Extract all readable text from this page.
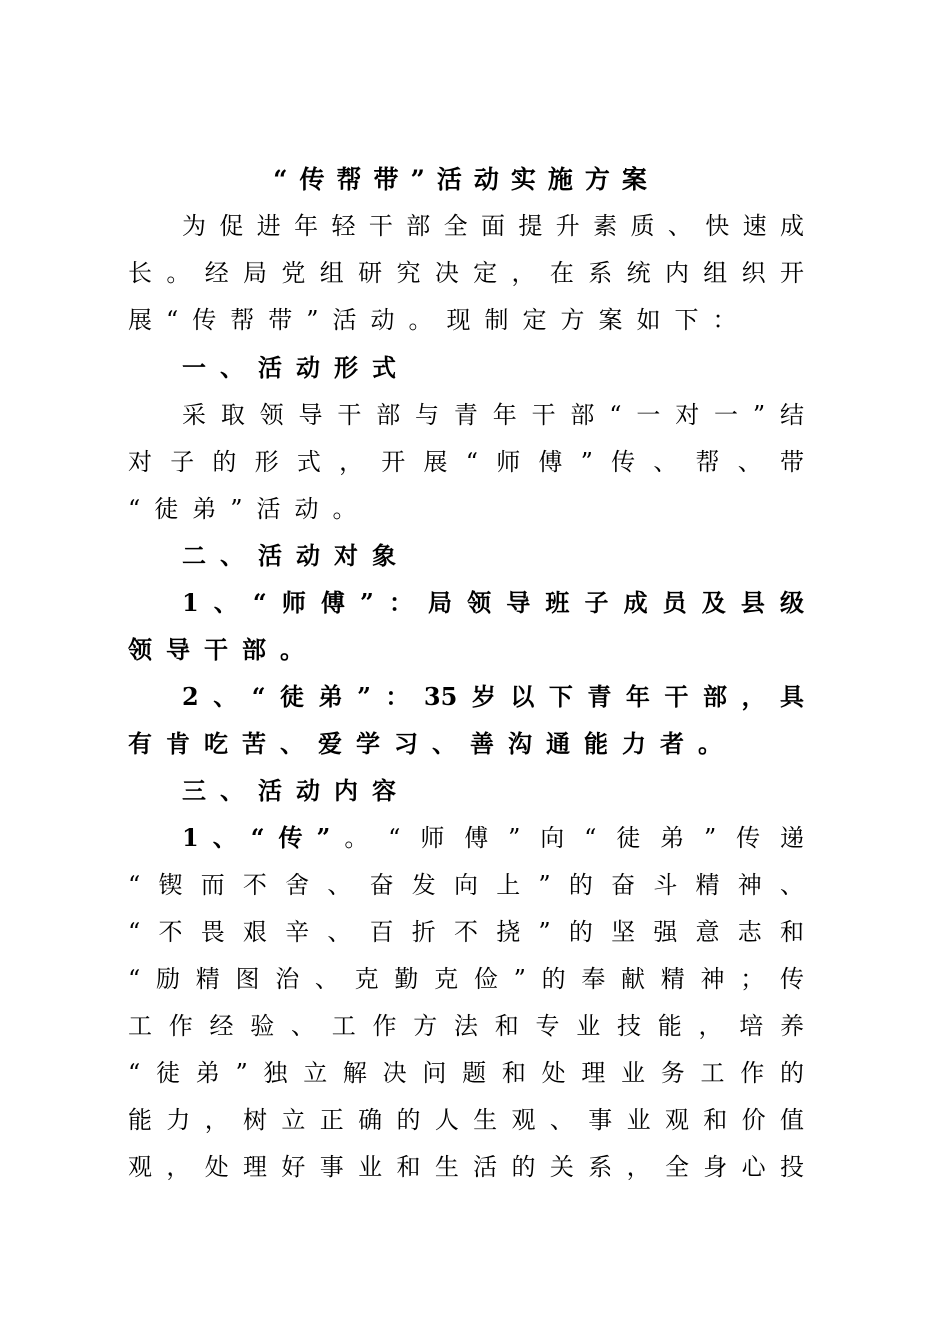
“传帮带”活动实施方案
为促进年轻干部全面提升素质、快速成
长。经局党组研究决定，在系统内组织开
展“传帮带”活动。现制定方案如下：
一、活动形式
采取领导干部与青年干部“一对一”结
对子的形式，开展“师傅”传、帮、带
“徒弟”活动。
二、活动对象
1、“师傅”：局领导班子成员及县级
领导干部。
2、“徒弟”：35岁以下青年干部，具
有肯吃苦、爱学习、善沟通能力者。
三、活动内容
1、“传” 。“师傅”向“徒弟”传递
“锲而不舍、奋发向上”的奋斗精神、
“不畏艰辛、百折不挠”的坚强意志和
“励精图治、克勤克俭”的奉献精神；传
工作经验、工作方法和专业技能，培养
“徒弟”独立解决问题和处理业务工作的
能力，树立正确的人生观、事业观和价值
观，处理好事业和生活的关系，全身心投
